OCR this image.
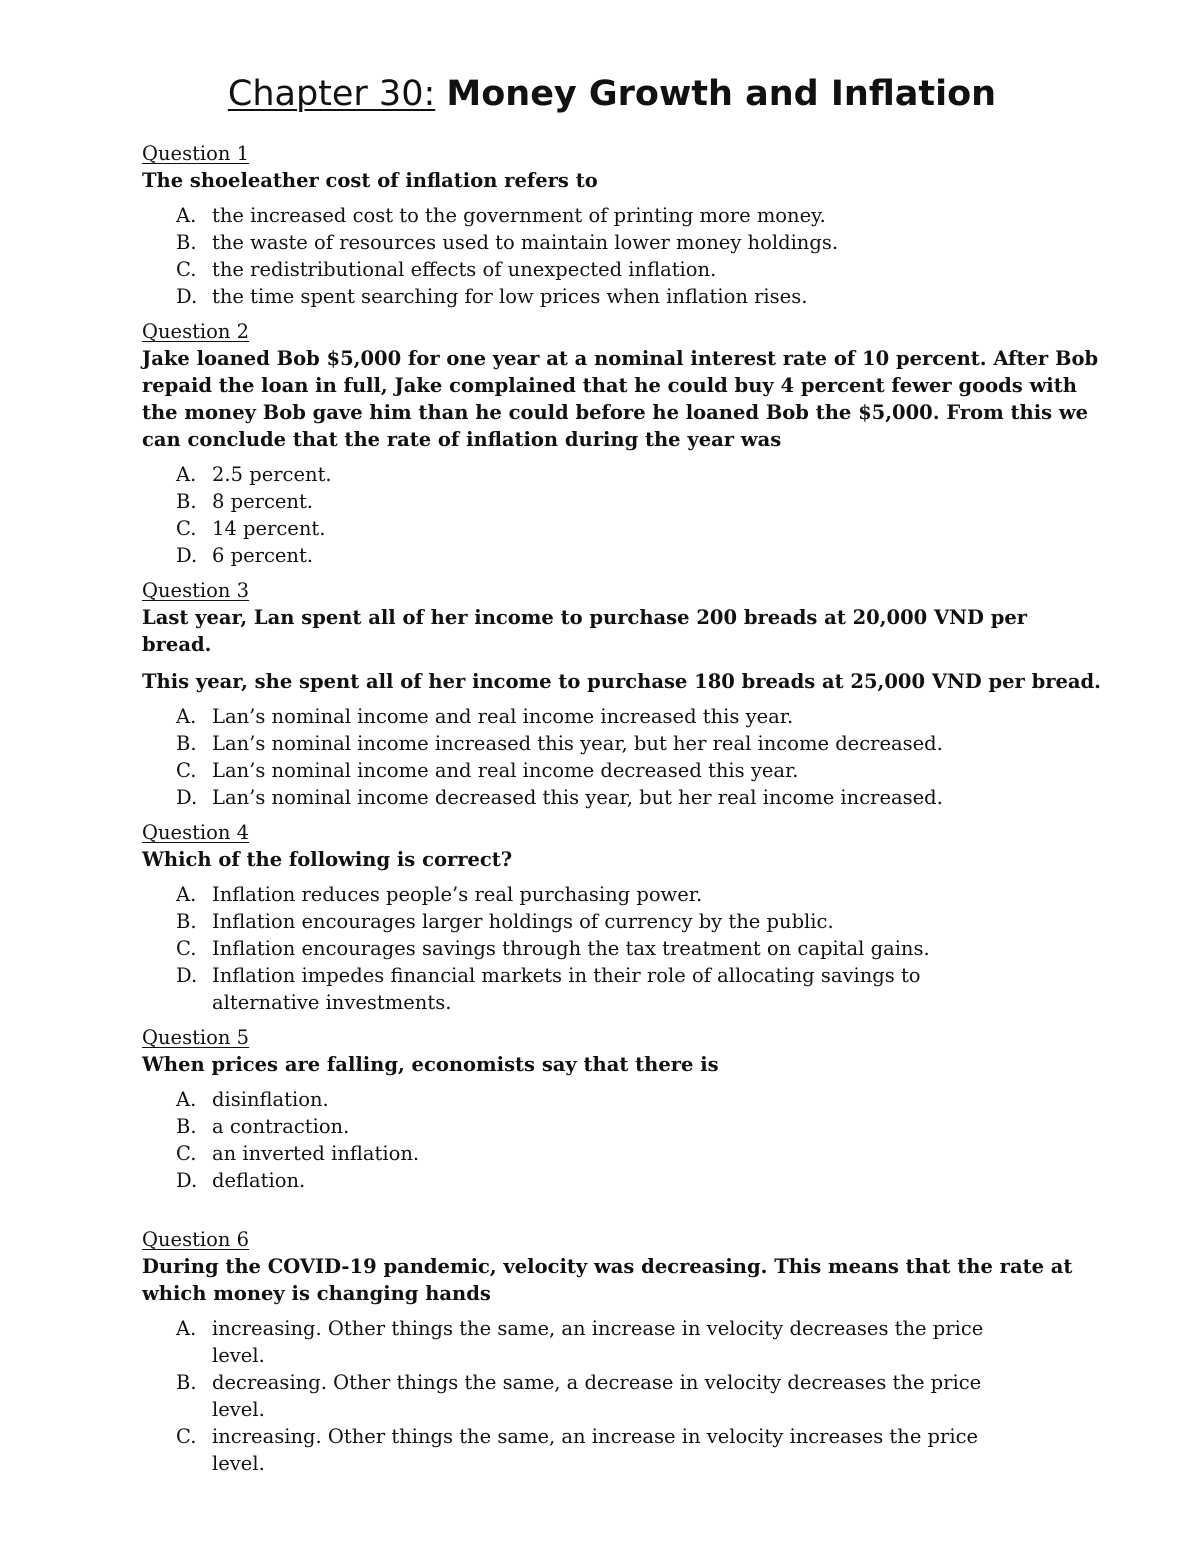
Chapter 30: Money Growth and Inflation
Question 1

The shoeleather cost of inflation refers to

A. the increased cost to the government of printing more money.
B. the waste of resources used to maintain lower money holdings.
C. the redistributional effects of unexpected inflation.
D. the time spent searching for low prices when inflation rises.
Question 2

Jake loaned Bob $5,000 for one year at a nominal interest rate of 10 percent. After Bob repaid the loan in full, Jake complained that he could buy 4 percent fewer goods with the money Bob gave him than he could before he loaned Bob the $5,000. From this we can conclude that the rate of inflation during the year was

A. 2.5 percent.
B. 8 percent.
C. 14 percent.
D. 6 percent.
Question 3

Last year, Lan spent all of her income to purchase 200 breads at 20,000 VND per bread.

This year, she spent all of her income to purchase 180 breads at 25,000 VND per bread.

A. Lan’s nominal income and real income increased this year.
B. Lan’s nominal income increased this year, but her real income decreased.
C. Lan’s nominal income and real income decreased this year.
D. Lan’s nominal income decreased this year, but her real income increased.
Question 4

Which of the following is correct?

A. Inflation reduces people’s real purchasing power.
B. Inflation encourages larger holdings of currency by the public.
C. Inflation encourages savings through the tax treatment on capital gains.
D. Inflation impedes financial markets in their role of allocating savings to alternative investments.
Question 5

When prices are falling, economists say that there is

A. disinflation.
B. a contraction.
C. an inverted inflation.
D. deflation.
Question 6

During the COVID-19 pandemic, velocity was decreasing. This means that the rate at which money is changing hands

A. increasing. Other things the same, an increase in velocity decreases the price level.
B. decreasing. Other things the same, a decrease in velocity decreases the price level.
C. increasing. Other things the same, an increase in velocity increases the price level.
